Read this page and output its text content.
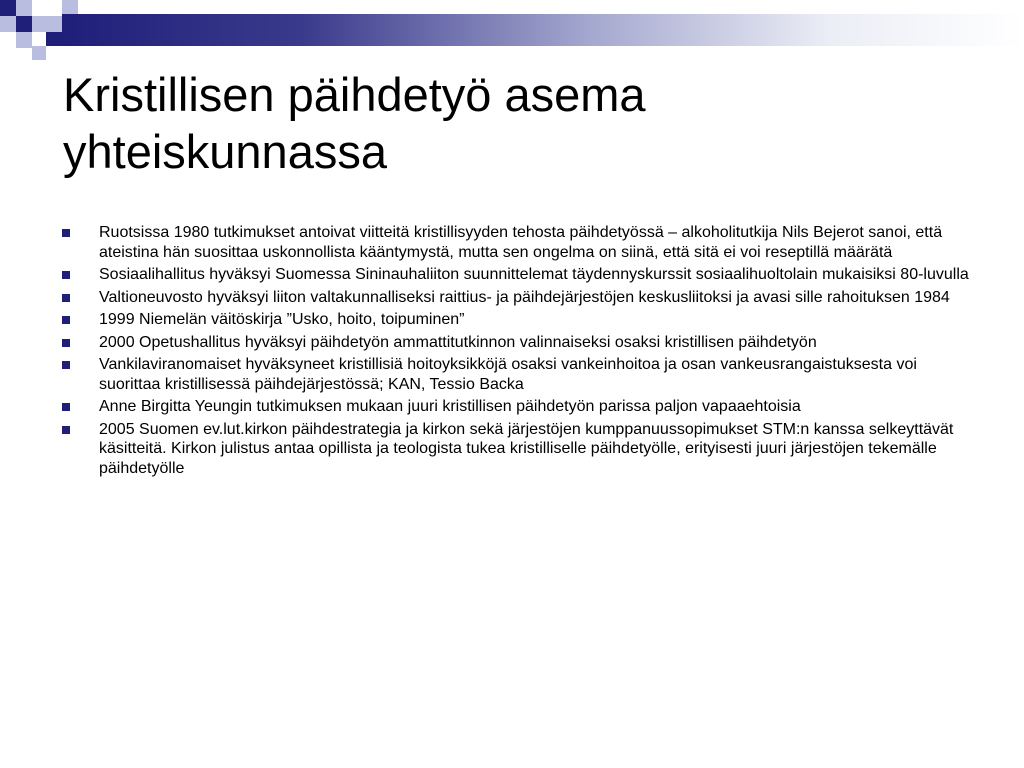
Kristillisen päihdetyö asema
yhteiskunnassa
Ruotsissa 1980 tutkimukset antoivat viitteitä kristillisyyden tehosta päihdetyössä – alkoholitutkija Nils Bejerot sanoi, että ateistina hän suosittaa uskonnollista kääntymystä, mutta sen ongelma on siinä, että sitä ei voi reseptillä määrätä
Sosiaalihallitus hyväksyi Suomessa Sininauhaliiton suunnittelemat täydennyskurssit sosiaalihuoltolain mukaisiksi 80-luvulla
Valtioneuvosto hyväksyi liiton valtakunnalliseksi raittius- ja päihdejärjestöjen keskusliitoksi ja avasi sille rahoituksen 1984
1999 Niemelän väitöskirja ”Usko, hoito, toipuminen”
2000 Opetushallitus hyväksyi päihdetyön ammattitutkinnon valinnaiseksi osaksi kristillisen päihdetyön
Vankilaviranomaiset hyväksyneet kristillisiä hoitoyksikköjä osaksi vankeinhoitoa ja osan vankeusrangaistuksesta voi suorittaa kristillisessä päihdejärjestössä; KAN, Tessio Backa
Anne Birgitta Yeungin tutkimuksen mukaan juuri kristillisen päihdetyön parissa paljon vapaaehtoisia
2005 Suomen ev.lut.kirkon päihdestrategia ja kirkon sekä järjestöjen kumppanuussopimukset STM:n kanssa selkeyttävät käsitteitä. Kirkon julistus antaa opillista ja teologista tukea kristilliselle päihdetyölle, erityisesti juuri järjestöjen tekemälle päihdetyölle
